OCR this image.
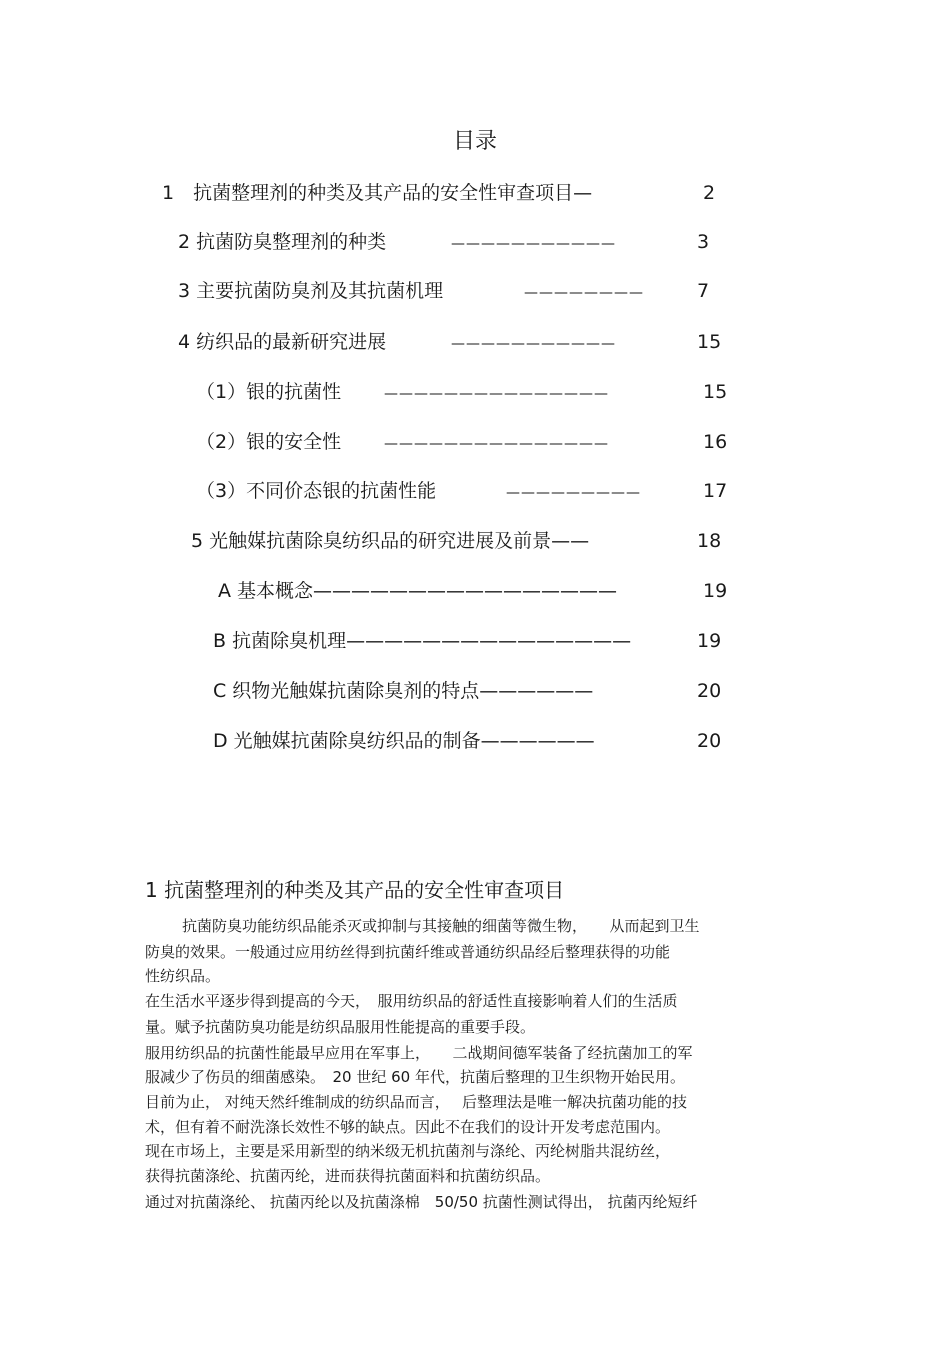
目录
1　抗菌整理剂的种类及其产品的安全性审查项目—	2
2 抗菌防臭整理剂的种类	———————————	3
3 主要抗菌防臭剂及其抗菌机理	————————	7
4 纺织品的最新研究进展	———————————	15
（1）银的抗菌性	———————————————	15
（2）银的安全性	———————————————	16
（3）不同价态银的抗菌性能	—————————	17
5 光触媒抗菌除臭纺织品的研究进展及前景——	18
A 基本概念————————————————	19
B 抗菌除臭机理———————————————	19
C 织物光触媒抗菌除臭剂的特点——————	20
D 光触媒抗菌除臭纺织品的制备——————	20
1 抗菌整理剂的种类及其产品的安全性审查项目
抗菌防臭功能纺织品能杀灭或抑制与其接触的细菌等微生物，　　从而起到卫生
防臭的效果。一般通过应用纺丝得到抗菌纤维或普通纺织品经后整理获得的功能
性纺织品。
在生活水平逐步得到提高的今天，　服用纺织品的舒适性直接影响着人们的生活质
量。赋予抗菌防臭功能是纺织品服用性能提高的重要手段。
服用纺织品的抗菌性能最早应用在军事上，　　二战期间德军装备了经抗菌加工的军
服减少了伤员的细菌感染。　20 世纪 60 年代，抗菌后整理的卫生织物开始民用。
目前为止， 对纯天然纤维制成的纺织品而言，　 后整理法是唯一解决抗菌功能的技
术，但有着不耐洗涤长效性不够的缺点。因此不在我们的设计开发考虑范围内。
现在市场上，主要是采用新型的纳米级无机抗菌剂与涤纶、丙纶树脂共混纺丝，
获得抗菌涤纶、抗菌丙纶，进而获得抗菌面料和抗菌纺织品。
通过对抗菌涤纶、 抗菌丙纶以及抗菌涤棉　50/50 抗菌性测试得出， 抗菌丙纶短纤
